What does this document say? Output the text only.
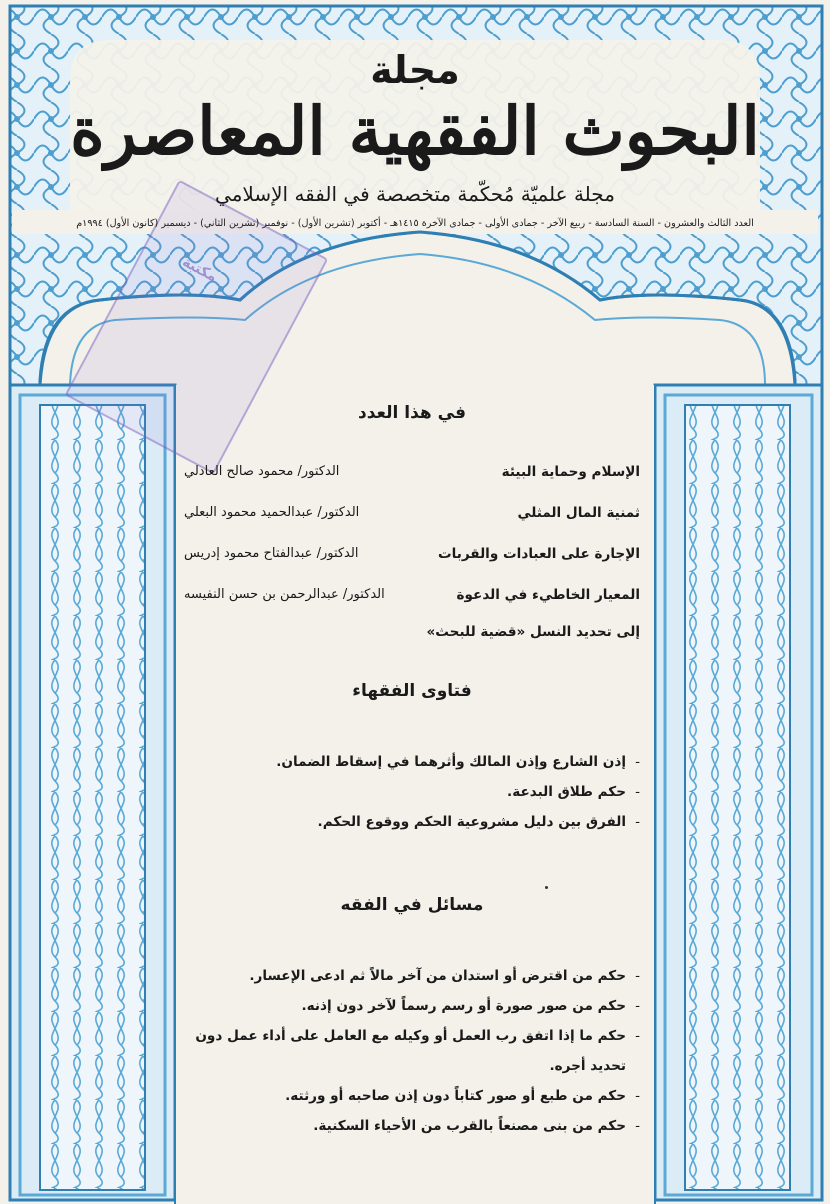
مكتبة
مجلة
البحوث الفقهية المعاصرة
مجلة علميّة مُحكّمة متخصصة في الفقه الإسلامي
العدد الثالث والعشرون - السنة السادسة - ربيع الآخر - جمادى الأولى - جمادى الآخرة ١٤١٥هـ - أكتوبر (تشرين الأول) - نوفمبر (تشرين الثاني) - ديسمبر (كانون الأول) ١٩٩٤م

في هذا العدد

الإسلام وحماية البيئة
الدكتور/ محمود صالح العادلي
ثمنية المال المثلي
الدكتور/ عبدالحميد محمود البعلي
الإجارة على العبادات والقربات
الدكتور/ عبدالفتاح محمود إدريس
المعيار الخاطيء في الدعوة
الدكتور/ عبدالرحمن بن حسن النفيسه
إلى تحديد النسل «قضية للبحث»

فتاوى الفقهاء

- إذن الشارع وإذن المالك وأثرهما في إسقاط الضمان.
- حكم طلاق البدعة.
- الفرق بين دليل مشروعية الحكم ووقوع الحكم.

مسائل في الفقه

- حكم من اقترض أو استدان من آخر مالاً ثم ادعى الإعسار.
- حكم من صور صورة أو رسم رسماً لآخر دون إذنه.
- حكم ما إذا اتفق رب العمل أو وكيله مع العامل على أداء عمل دون تحديد أجره.
- حكم من طبع أو صور كتاباً دون إذن صاحبه أو ورثته.
- حكم من بنى مصنعاً بالقرب من الأحياء السكنية.
